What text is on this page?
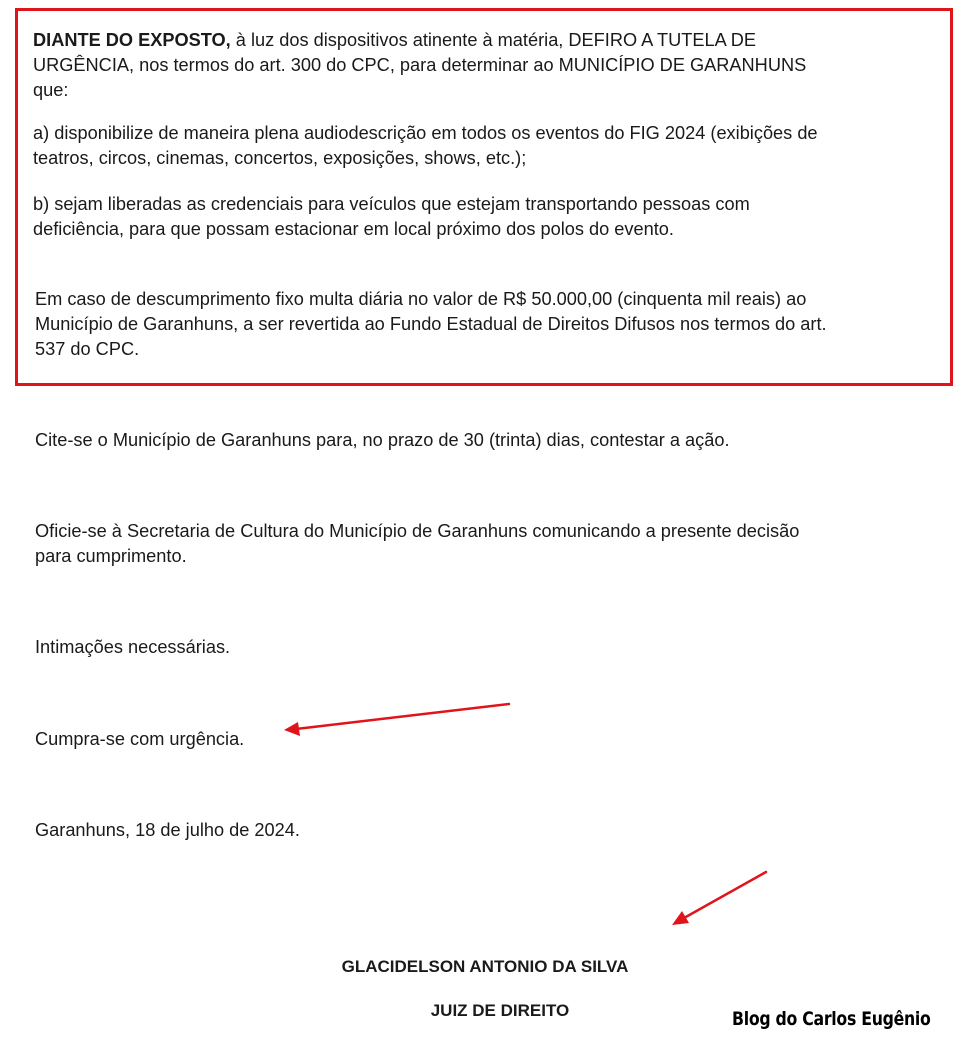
DIANTE DO EXPOSTO, à luz dos dispositivos atinente à matéria, DEFIRO A TUTELA DE
URGÊNCIA, nos termos do art. 300 do CPC, para determinar ao MUNICÍPIO DE GARANHUNS
que:
a) disponibilize de maneira plena audiodescrição em todos os eventos do FIG 2024 (exibições de
teatros, circos, cinemas, concertos, exposições, shows, etc.);
b) sejam liberadas as credenciais para veículos que estejam transportando pessoas com
deficiência, para que possam estacionar em local próximo dos polos do evento.
Em caso de descumprimento fixo multa diária no valor de R$ 50.000,00 (cinquenta mil reais) ao
Município de Garanhuns, a ser revertida ao Fundo Estadual de Direitos Difusos nos termos do art.
537 do CPC.
Cite-se o Município de Garanhuns para, no prazo de 30 (trinta) dias, contestar a ação.
Oficie-se à Secretaria de Cultura do Município de Garanhuns comunicando a presente decisão
para cumprimento.
Intimações necessárias.
Cumpra-se com urgência.
Garanhuns, 18 de julho de 2024.
GLACIDELSON ANTONIO DA SILVA
JUIZ DE DIREITO	Blog do Carlos Eugênio
